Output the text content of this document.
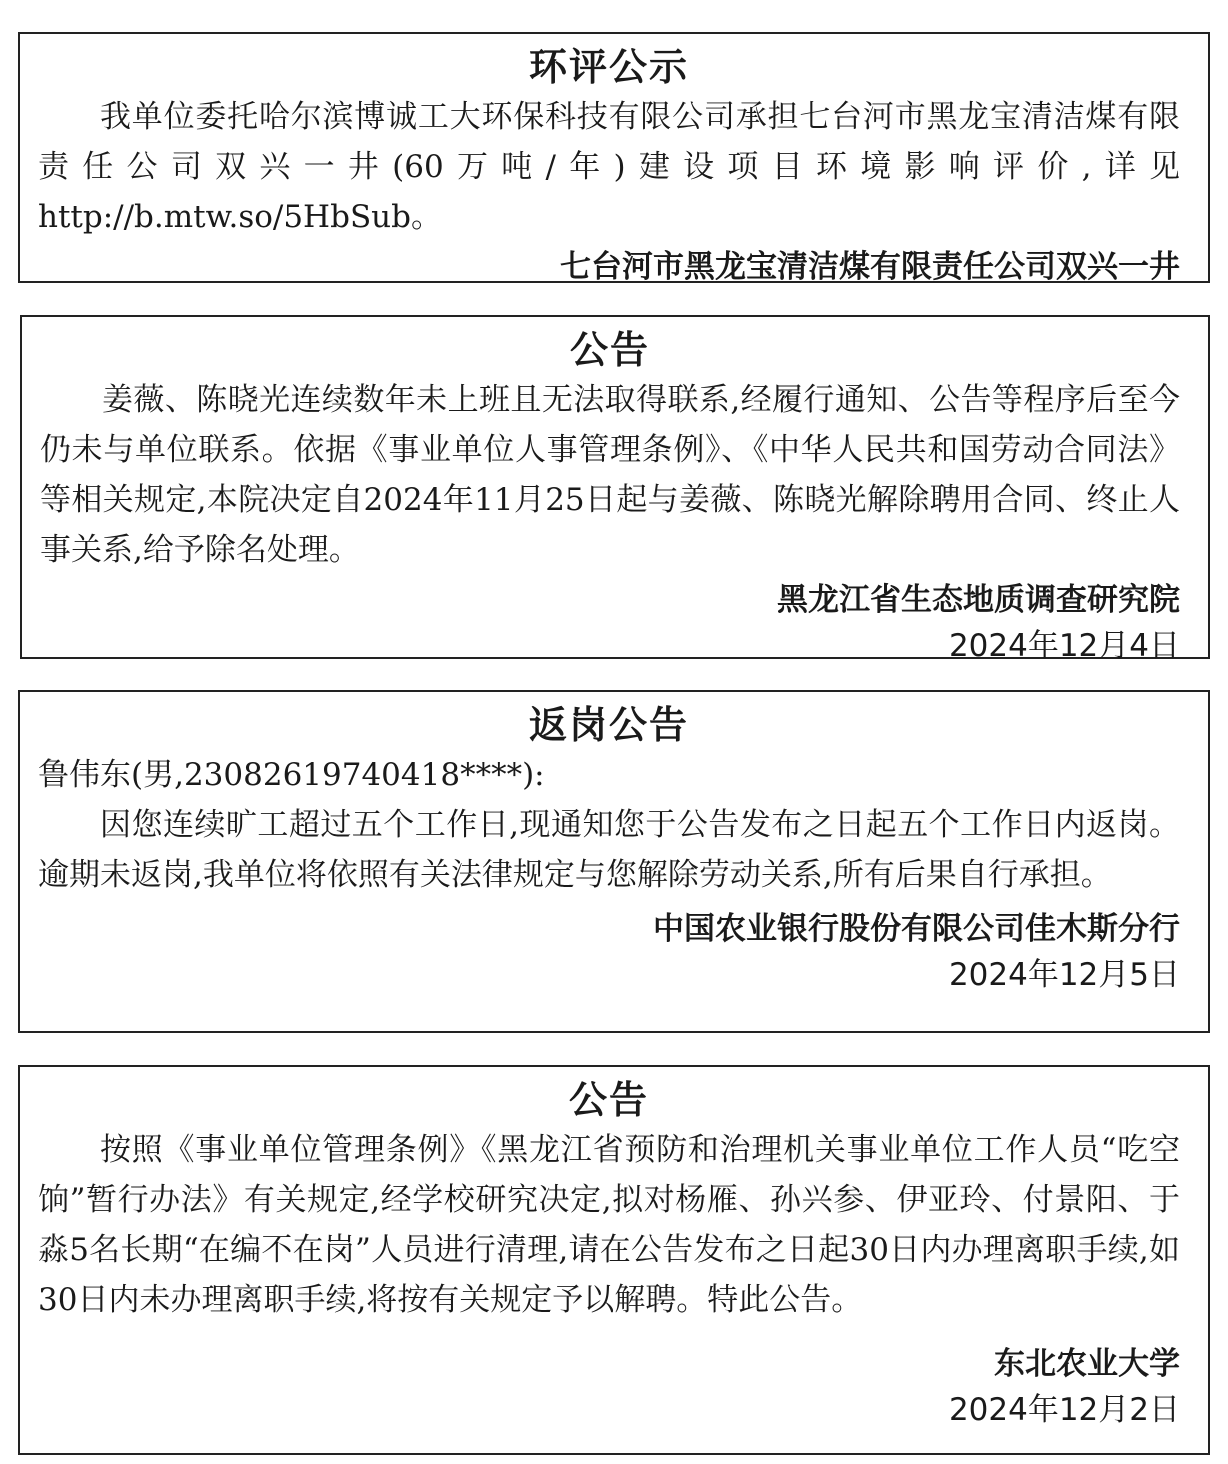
环评公示

我单位委托哈尔滨博诚工大环保科技有限公司承担七台河市黑龙宝清洁煤有限责任公司双兴一井(60万吨/年)建设项目环境影响评价,详见http://b.mtw.so/5HbSub。

七台河市黑龙宝清洁煤有限责任公司双兴一井
公告

姜薇、陈晓光连续数年未上班且无法取得联系,经履行通知、公告等程序后至今仍未与单位联系。依据《事业单位人事管理条例》、《中华人民共和国劳动合同法》等相关规定,本院决定自2024年11月25日起与姜薇、陈晓光解除聘用合同、终止人事关系,给予除名处理。

黑龙江省生态地质调查研究院
2024年12月4日
返岗公告

鲁伟东(男,23082619740418****):

因您连续旷工超过五个工作日,现通知您于公告发布之日起五个工作日内返岗。逾期未返岗,我单位将依照有关法律规定与您解除劳动关系,所有后果自行承担。

中国农业银行股份有限公司佳木斯分行
2024年12月5日
公告

按照《事业单位管理条例》《黑龙江省预防和治理机关事业单位工作人员“吃空饷”暂行办法》有关规定,经学校研究决定,拟对杨雁、孙兴参、伊亚玲、付景阳、于淼5名长期“在编不在岗”人员进行清理,请在公告发布之日起30日内办理离职手续,如30日内未办理离职手续,将按有关规定予以解聘。特此公告。

东北农业大学
2024年12月2日
